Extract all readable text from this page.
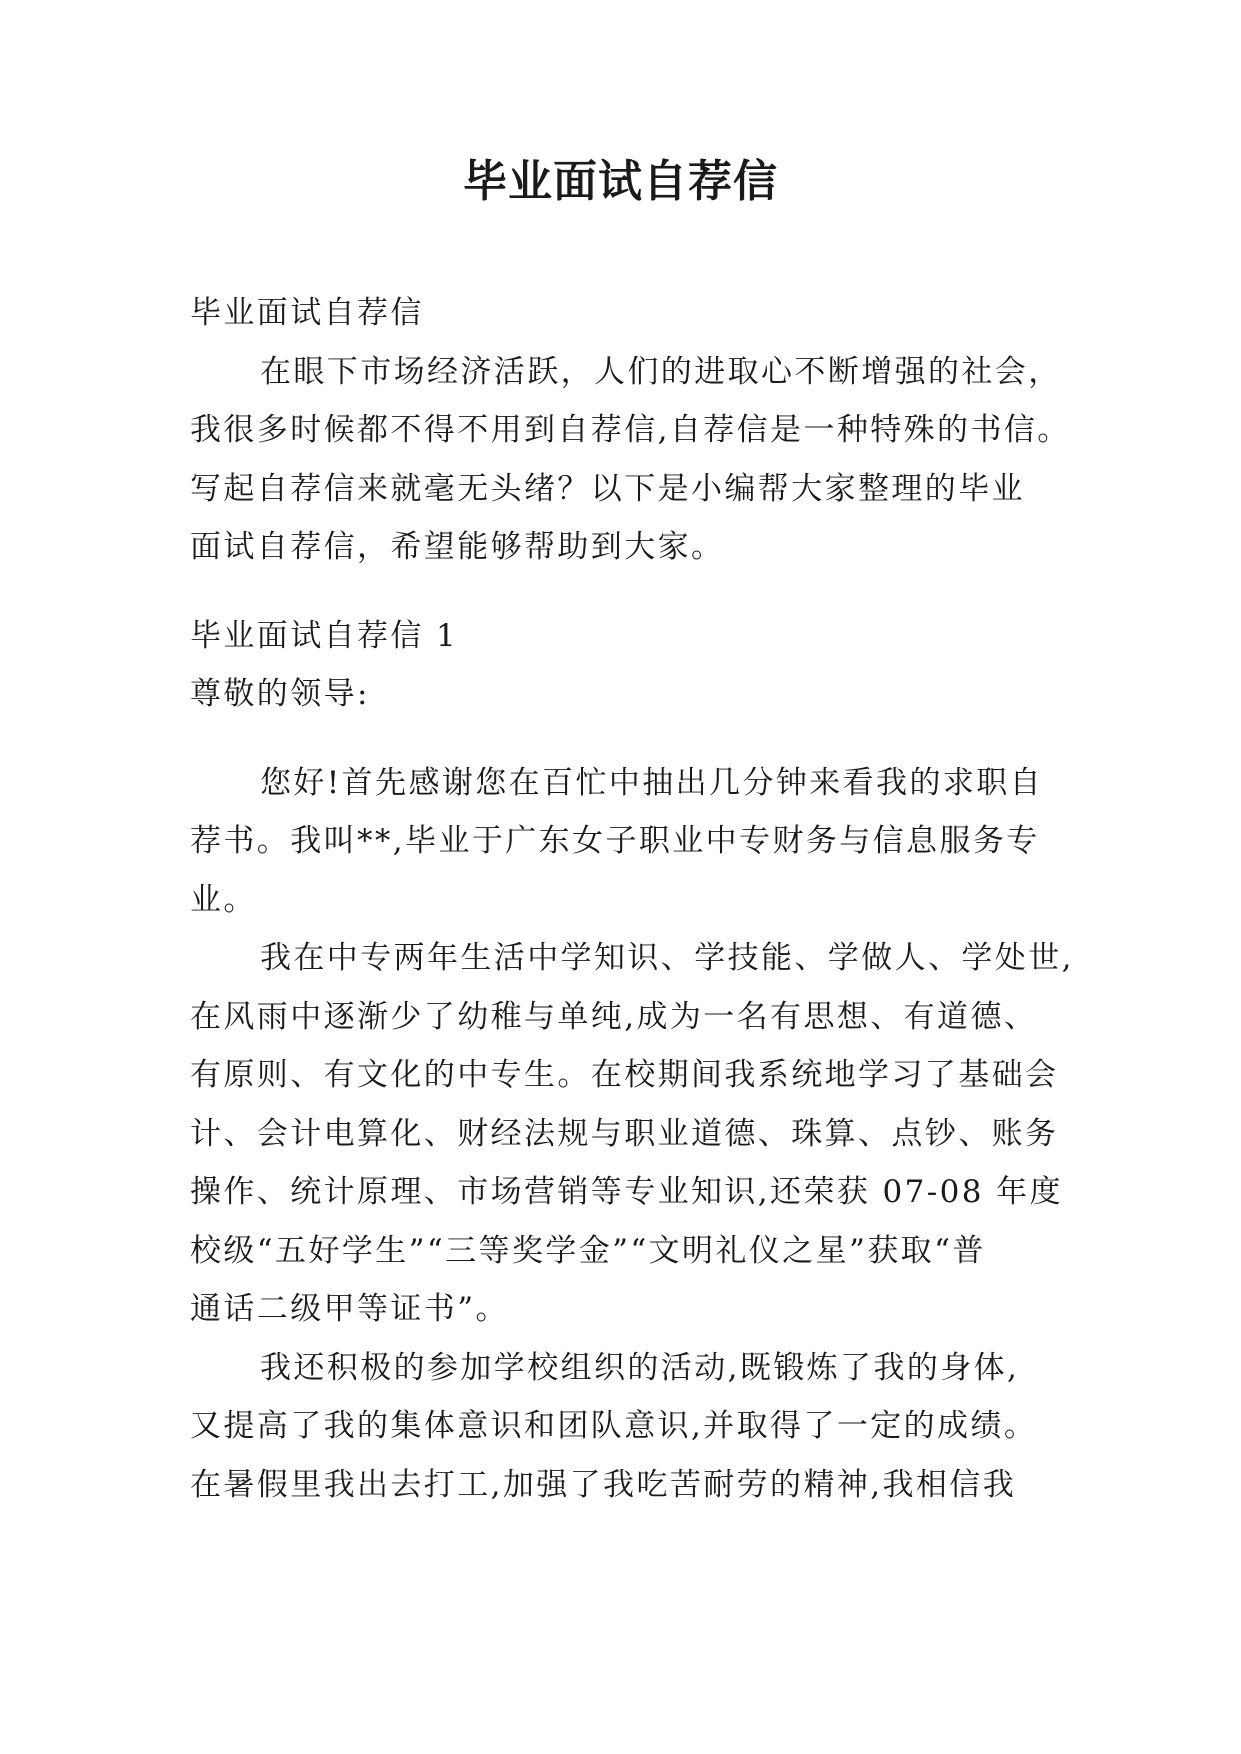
毕业面试自荐信

毕业面试自荐信

在眼下市场经济活跃，人们的进取心不断增强的社会，

我很多时候都不得不用到自荐信,自荐信是一种特殊的书信。

写起自荐信来就毫无头绪？以下是小编帮大家整理的毕业

面试自荐信，希望能够帮助到大家。

毕业面试自荐信 1

尊敬的领导:

您好!首先感谢您在百忙中抽出几分钟来看我的求职自

荐书。我叫**,毕业于广东女子职业中专财务与信息服务专

业。

我在中专两年生活中学知识、学技能、学做人、学处世,

在风雨中逐渐少了幼稚与单纯,成为一名有思想、有道德、

有原则、有文化的中专生。在校期间我系统地学习了基础会

计、会计电算化、财经法规与职业道德、珠算、点钞、账务

操作、统计原理、市场营销等专业知识,还荣获 07-08 年度

校级“五好学生”“三等奖学金”“文明礼仪之星”获取“普

通话二级甲等证书”。

我还积极的参加学校组织的活动,既锻炼了我的身体,

又提高了我的集体意识和团队意识,并取得了一定的成绩。

在暑假里我出去打工,加强了我吃苦耐劳的精神,我相信我
